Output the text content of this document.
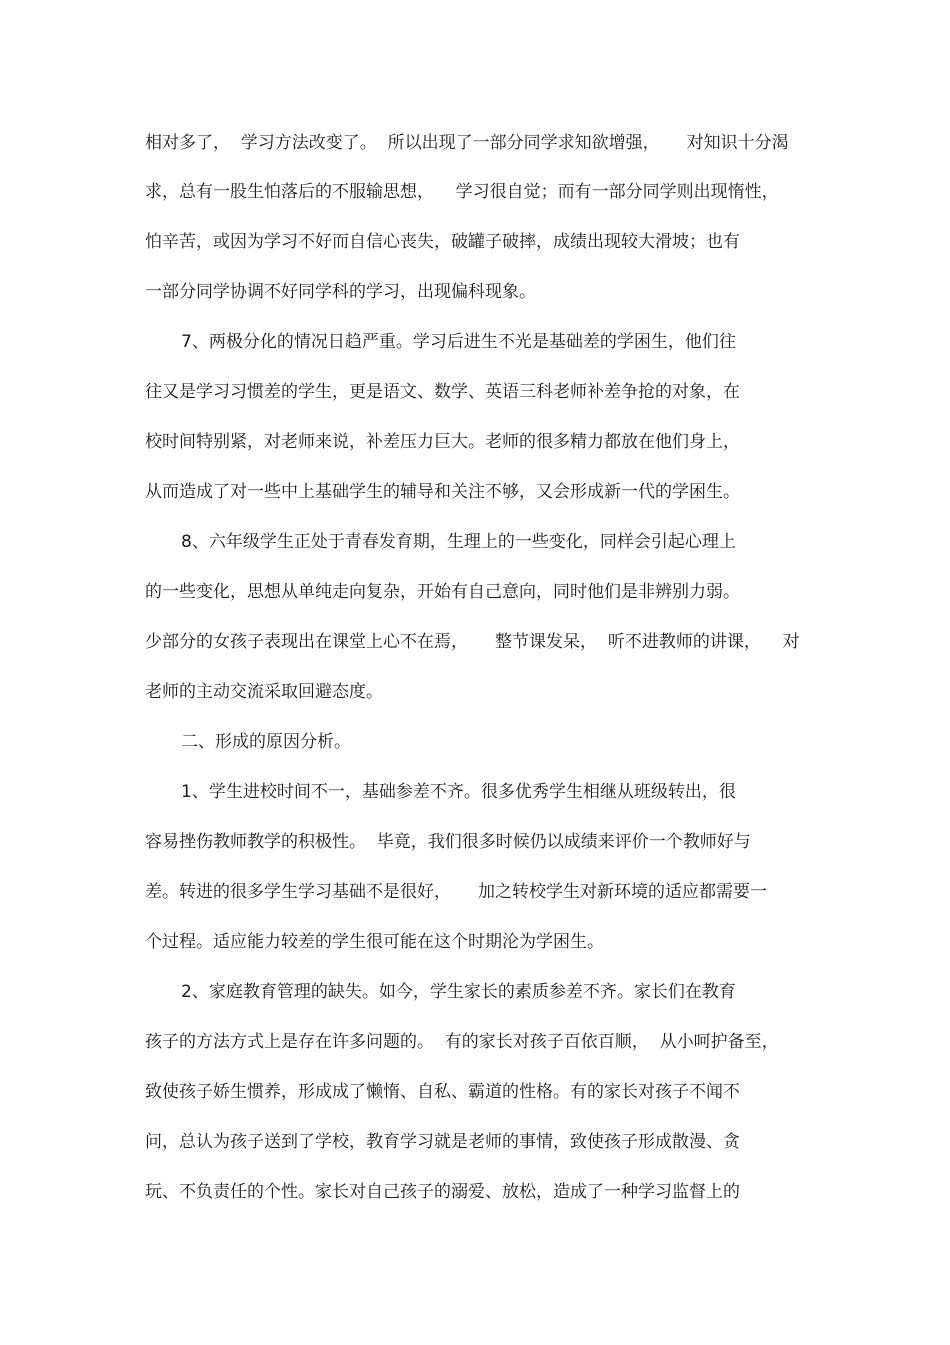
相对多了，  学习方法改变了。  所以出现了一部分同学求知欲增强，     对知识十分渴
求，总有一股生怕落后的不服输思想，    学习很自觉；而有一部分同学则出现惰性，
怕辛苦，或因为学习不好而自信心丧失，破罐子破摔，成绩出现较大滑坡；也有
一部分同学协调不好同学科的学习，出现偏科现象。
7、两极分化的情况日趋严重。学习后进生不光是基础差的学困生，他们往
往又是学习习惯差的学生，更是语文、数学、英语三科老师补差争抢的对象，在
校时间特别紧，对老师来说，补差压力巨大。老师的很多精力都放在他们身上，
从而造成了对一些中上基础学生的辅导和关注不够，又会形成新一代的学困生。
8、六年级学生正处于青春发育期，生理上的一些变化，同样会引起心理上
的一些变化，思想从单纯走向复杂，开始有自己意向，同时他们是非辨别力弱。
少部分的女孩子表现出在课堂上心不在焉，     整节课发呆，  听不进教师的讲课，    对
老师的主动交流采取回避态度。
二、形成的原因分析。
1、学生进校时间不一，基础参差不齐。很多优秀学生相继从班级转出，很
容易挫伤教师教学的积极性。  毕竟，我们很多时候仍以成绩来评价一个教师好与
差。转进的很多学生学习基础不是很好，     加之转校学生对新环境的适应都需要一
个过程。适应能力较差的学生很可能在这个时期沦为学困生。
2、家庭教育管理的缺失。如今，学生家长的素质参差不齐。家长们在教育
孩子的方法方式上是存在许多问题的。  有的家长对孩子百依百顺，  从小呵护备至，
致使孩子娇生惯养，形成成了懒惰、自私、霸道的性格。有的家长对孩子不闻不
问，总认为孩子送到了学校，教育学习就是老师的事情，致使孩子形成散漫、贪
玩、不负责任的个性。家长对自己孩子的溺爱、放松，造成了一种学习监督上的
